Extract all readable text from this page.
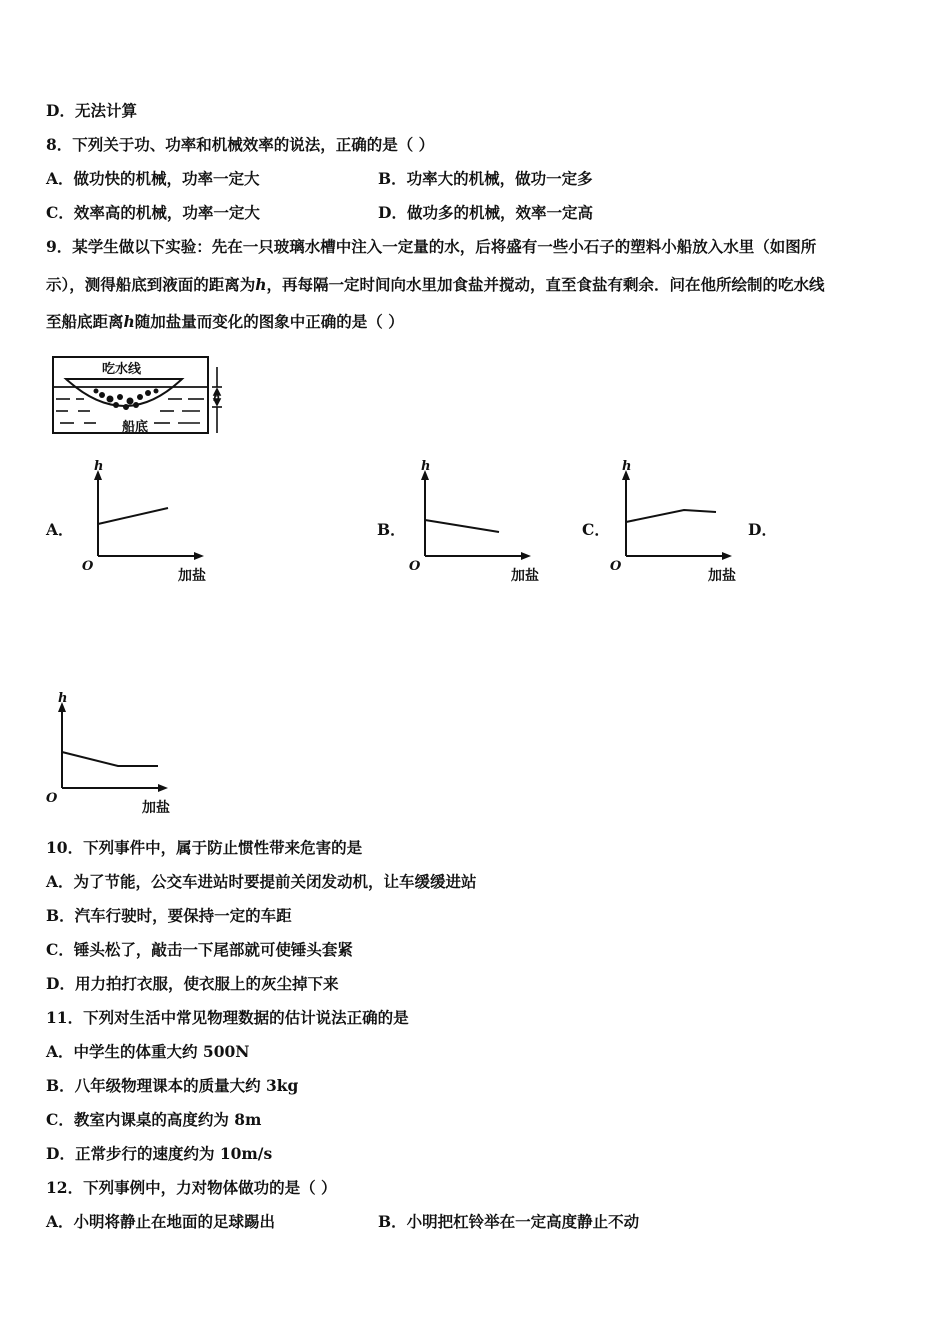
D．无法计算
8．下列关于功、功率和机械效率的说法，正确的是（ ）
A．做功快的机械，功率一定大	B．功率大的机械，做功一定多
C．效率高的机械，功率一定大	D．做功多的机械，效率一定高
9．某学生做以下实验：先在一只玻璃水槽中注入一定量的水，后将盛有一些小石子的塑料小船放入水里（如图所
示），测得船底到液面的距离为h，再每隔一定时间向水里加食盐并搅动，直至食盐有剩余．问在他所绘制的吃水线
至船底距离h随加盐量而变化的图象中正确的是（ ）
吃水线
船底
h
A．
h
O
加盐
B．
h
O
加盐
C．
h
O
加盐
D．
h
O
加盐
10．下列事件中，属于防止惯性带来危害的是
A．为了节能，公交车进站时要提前关闭发动机，让车缓缓进站
B．汽车行驶时，要保持一定的车距
C．锤头松了，敲击一下尾部就可使锤头套紧
D．用力拍打衣服，使衣服上的灰尘掉下来
11．下列对生活中常见物理数据的估计说法正确的是
A．中学生的体重大约 500N
B．八年级物理课本的质量大约 3kg
C．教室内课桌的高度约为 8m
D．正常步行的速度约为 10m/s
12．下列事例中，力对物体做功的是（ ）
A．小明将静止在地面的足球踢出	B．小明把杠铃举在一定高度静止不动
